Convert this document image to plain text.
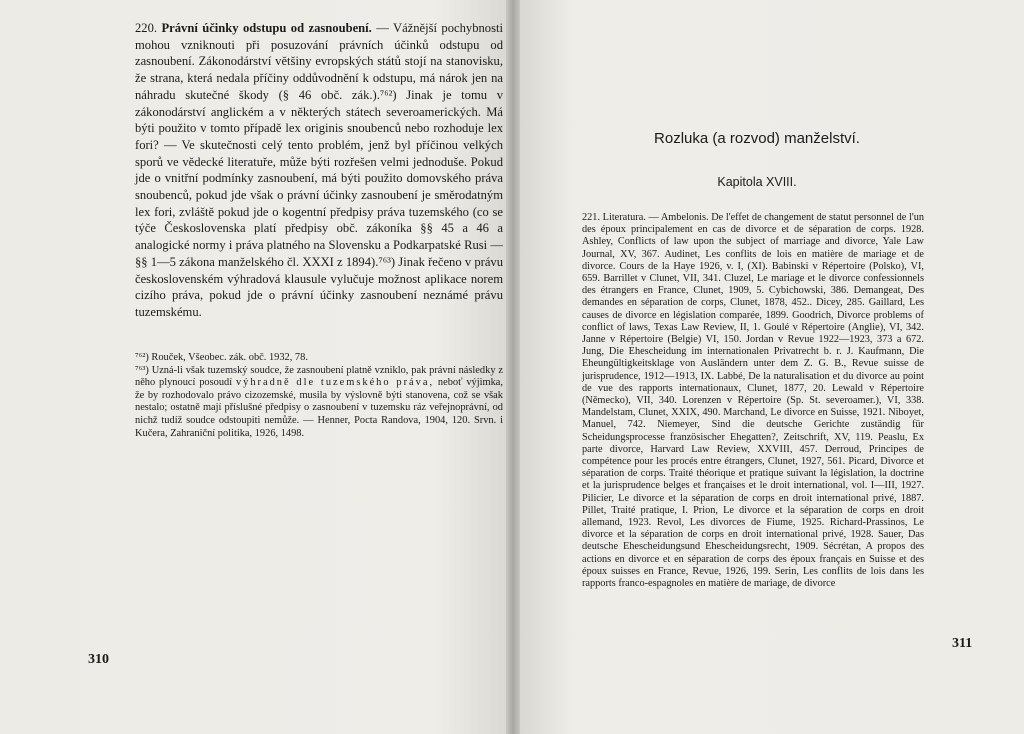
220. Právní účinky odstupu od zasnoubení. — Vážnější pochybnosti mohou vzniknouti při posuzování právních účinků odstupu od zasnoubení. Zákonodárství většiny evropských států stojí na stanovisku, že strana, která nedala příčiny oddůvodnění k odstupu, má nárok jen na náhradu skutečné škody (§ 46 obč. zák.).⁷⁶²) Jinak je tomu v zákonodárství anglickém a v některých státech severoamerických. Má býti použito v tomto případě lex originis snoubenců nebo rozhoduje lex fori? — Ve skutečnosti celý tento problém, jenž byl příčinou velkých sporů ve vědecké literatuře, může býti rozřešen velmi jednoduše. Pokud jde o vnitřní podmínky zasnoubení, má býti použito domovského práva snoubenců, pokud jde však o právní účinky zasnoubení je směrodatným lex fori, zvláště pokud jde o kogentní předpisy práva tuzemského (co se týče Československa platí předpisy obč. zákoníka §§ 45 a 46 a analogické normy i práva platného na Slovensku a Podkarpatské Rusi — §§ 1—5 zákona manželského čl. XXXI z 1894).⁷⁶³) Jinak řečeno v právu československém výhradová klausule vylučuje možnost aplikace norem cizího práva, pokud jde o právní účinky zasnoubení neznámé právu tuzemskému.

⁷⁶²) Rouček, Všeobec. zák. obč. 1932, 78.

⁷⁶³) Uzná-li však tuzemský soudce, že zasnoubení platně vzniklo, pak právní následky z něho plynoucí posoudí výhradně dle tuzemského práva, neboť výjimka, že by rozhodovalo právo cizozemské, musila by výslovně býti stanovena, což se však nestalo; ostatně mají příslušné předpisy o zasnoubení v tuzemsku ráz veřejnoprávní, od nichž tudíž soudce odstoupiti nemůže. — Henner, Pocta Randova, 1904, 120. Srvn. i Kučera, Zahraniční politika, 1926, 1498.

310
Rozluka (a rozvod) manželství.
Kapitola XVIII.

221. Literatura. — Ambelonis. De l'effet de changement de statut personnel de l'un des époux principalement en cas de divorce et de séparation de corps. 1928. Ashley, Conflicts of law upon the subject of marriage and divorce, Yale Law Journal, XV, 367. Audinet, Les conflits de lois en matière de mariage et de divorce. Cours de la Haye 1926, v. I, (XI). Babinski v Répertoire (Polsko), VI, 659. Barrillet v Clunet, VII, 341. Cluzel, Le mariage et le divorce confessionnels des étrangers en France, Clunet, 1909, 5. Cybichowski, 386. Demangeat, Des demandes en séparation de corps, Clunet, 1878, 452.. Dicey, 285. Gaillard, Les causes de divorce en législation comparée, 1899. Goodrich, Divorce problems of conflict of laws, Texas Law Review, II, 1. Goulé v Répertoire (Anglie), VI, 342. Janne v Répertoire (Belgie) VI, 150. Jordan v Revue 1922—1923, 373 a 672. Jung, Die Ehescheidung im internationalen Privatrecht b. r. J. Kaufmann, Die Eheungültigkeitsklage von Ausländern unter dem Z. G. B., Revue suisse de jurisprudence, 1912—1913, IX. Labbé, De la naturalisation et du divorce au point de vue des rapports internationaux, Clunet, 1877, 20. Lewald v Répertoire (Německo), VII, 340. Lorenzen v Répertoire (Sp. St. severoamer.), VI, 338. Mandelstam, Clunet, XXIX, 490. Marchand, Le divorce en Suisse, 1921. Niboyet, Manuel, 742. Niemeyer, Sind die deutsche Gerichte zuständig für Scheidungsprocesse französischer Ehegatten?, Zeitschrift, XV, 119. Peaslu, Ex parte divorce, Harvard Law Review, XXVIII, 457. Derroud, Principes de compétence pour les procés entre étrangers, Clunet, 1927, 561. Picard, Divorce et séparation de corps. Traité théorique et pratique suivant la législation, la doctrine et la jurisprudence belges et françaises et le droit international, vol. I—III, 1927. Pilicier, Le divorce et la séparation de corps en droit international privé, 1887. Pillet, Traité pratique, I. Prion, Le divorce et la séparation de corps en droit allemand, 1923. Revol, Les divorces de Fiume, 1925. Richard-Prassinos, Le divorce et la séparation de corps en droit international privé, 1928. Sauer, Das deutsche Ehescheidungsund Ehescheidungsrecht, 1909. Sécrétan, A propos des actions en divorce et en séparation de corps des époux français en Suisse et des époux suisses en France, Revue, 1926, 199. Serin, Les conflits de lois dans les rapports franco-espagnoles en matière de mariage, de divorce

311
